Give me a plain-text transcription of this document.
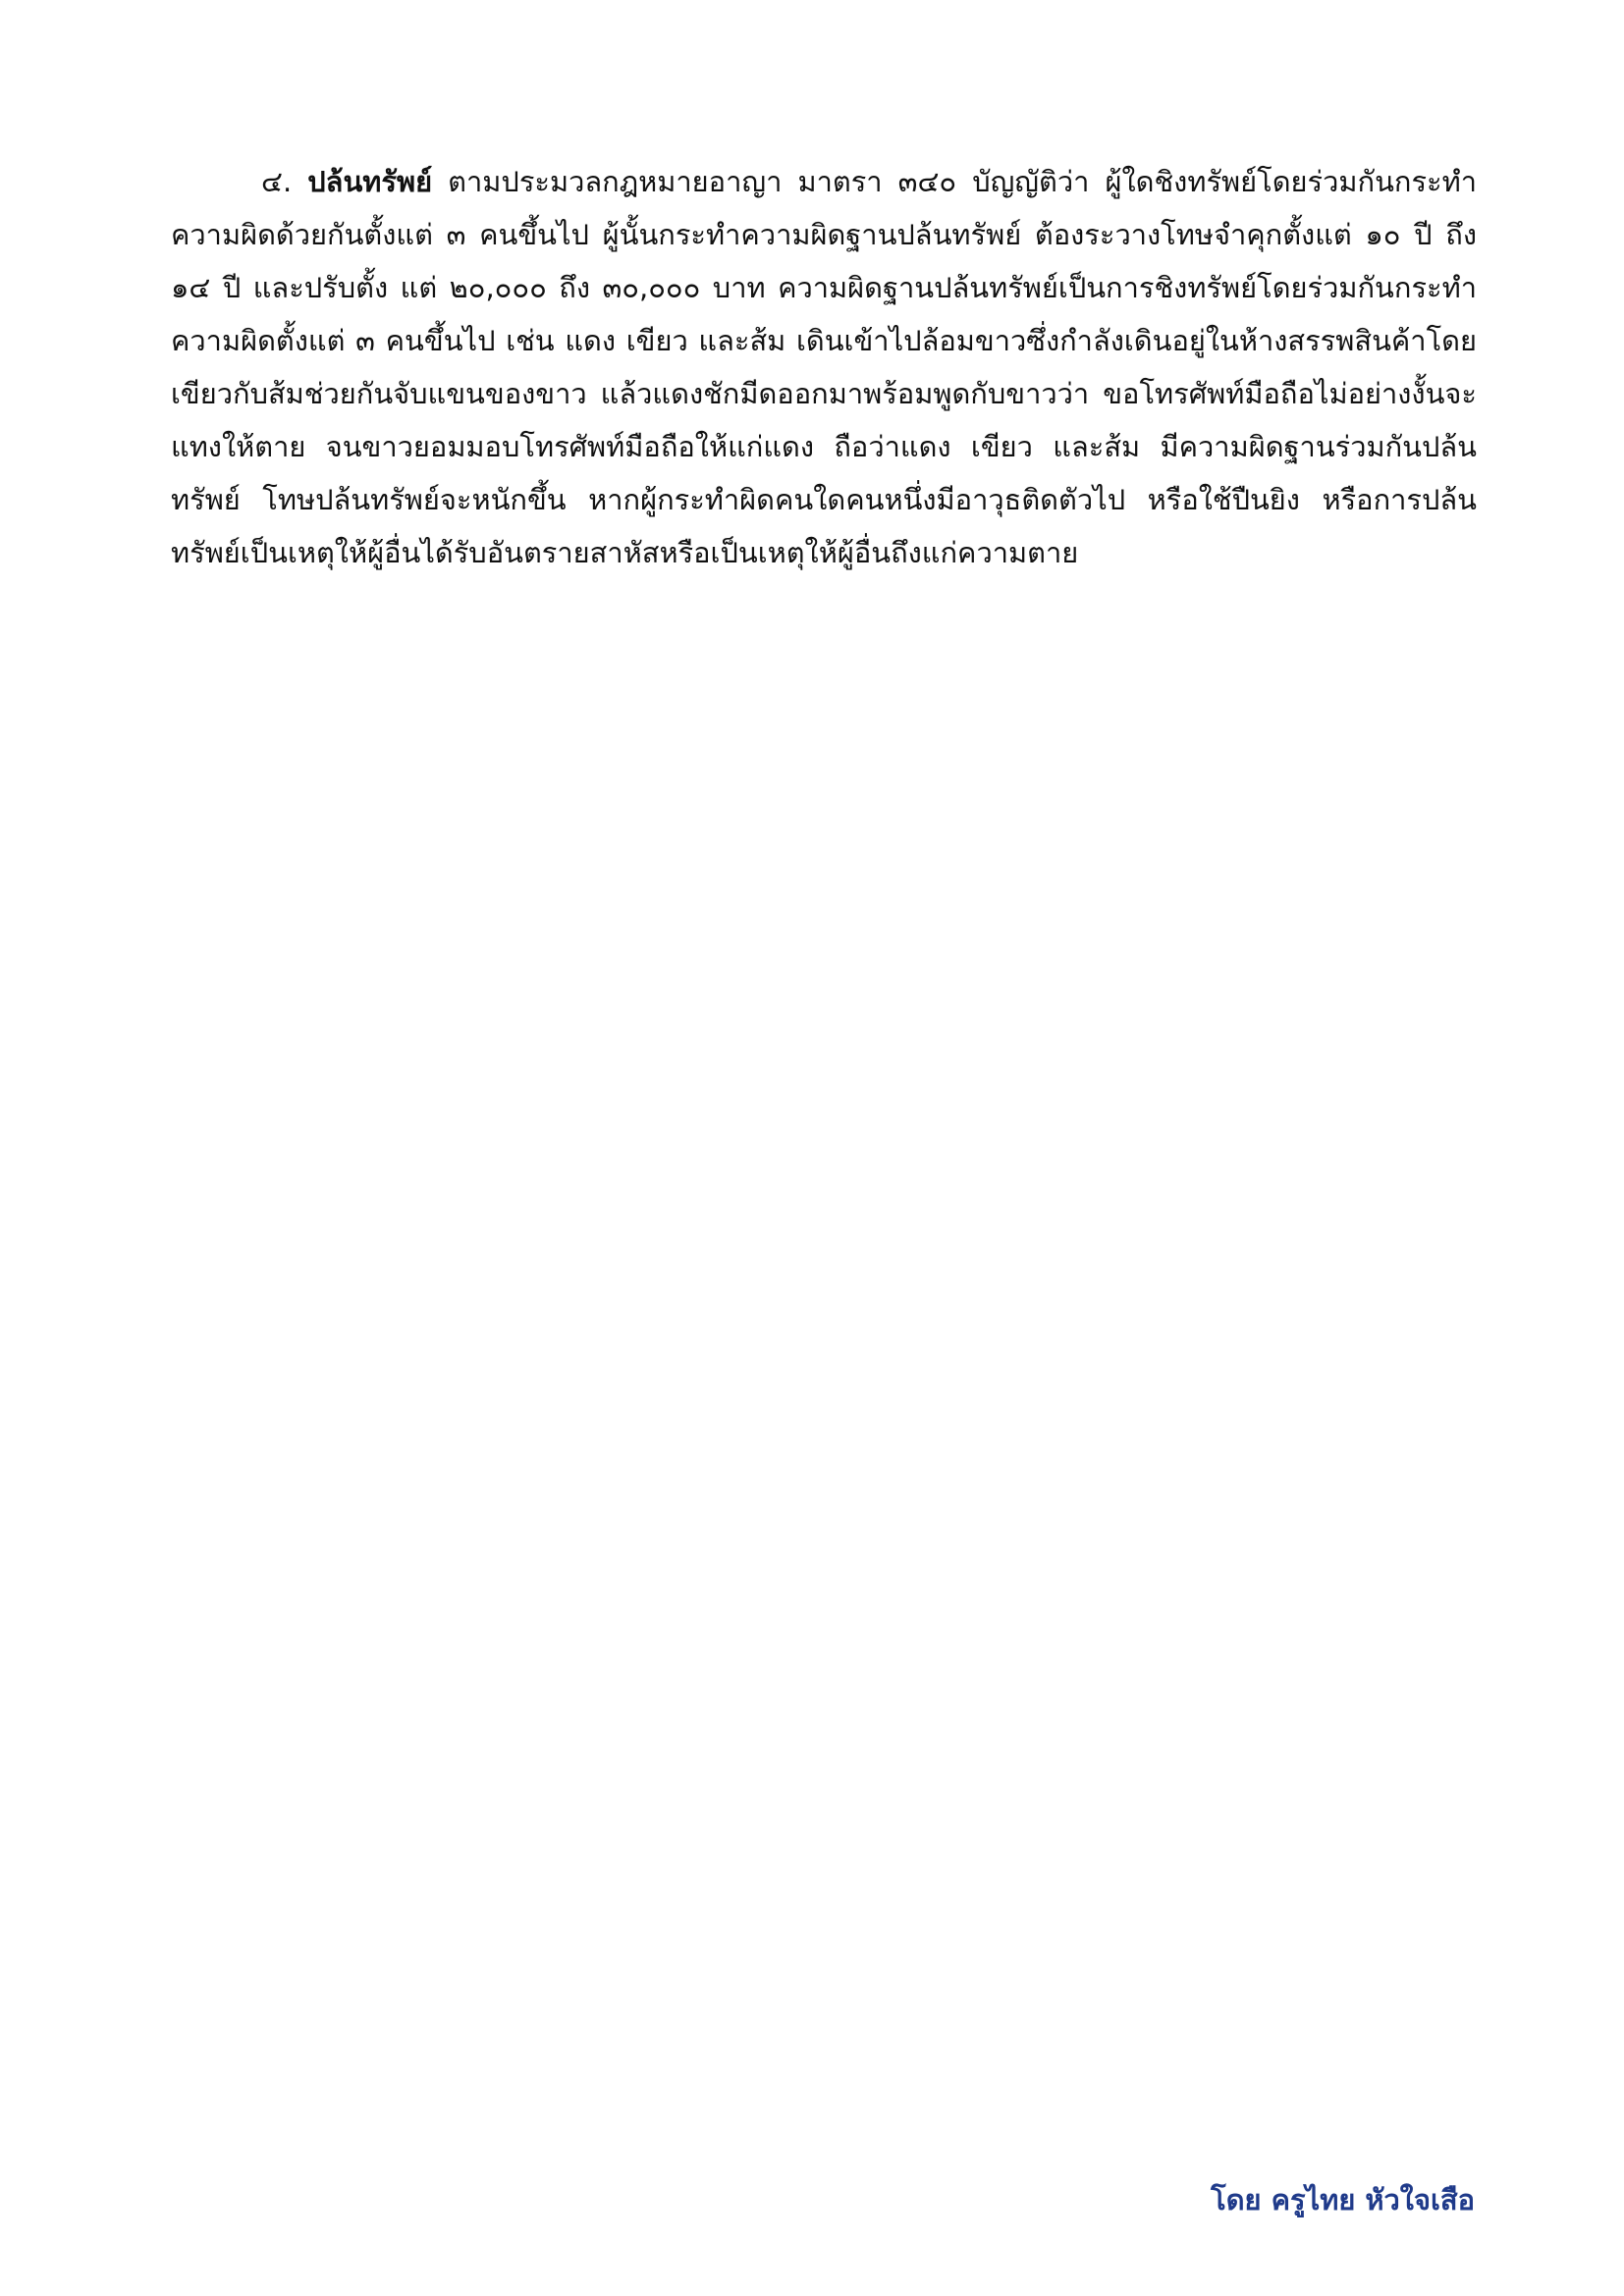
๔. ปล้นทรัพย์ ตามประมวลกฎหมายอาญา มาตรา ๓๔๐ บัญญัติว่า ผู้ใดชิงทรัพย์โดยร่วมกันกระทำความผิดด้วยกันตั้งแต่ ๓ คนขึ้นไป ผู้นั้นกระทำความผิดฐานปล้นทรัพย์ ต้องระวางโทษจำคุกตั้งแต่ ๑๐ ปี ถึง ๑๔ ปี และปรับตั้ง แต่ ๒๐,๐๐๐ ถึง ๓๐,๐๐๐ บาท ความผิดฐานปล้นทรัพย์เป็นการชิงทรัพย์โดยร่วมกันกระทำความผิดตั้งแต่ ๓ คนขึ้นไป เช่น แดง เขียว และส้ม เดินเข้าไปล้อมขาวซึ่งกำลังเดินอยู่ในห้างสรรพสินค้าโดยเขียวกับส้มช่วยกันจับแขนของขาว แล้วแดงชักมีดออกมาพร้อมพูดกับขาวว่า ขอโทรศัพท์มือถือไม่อย่างงั้นจะแทงให้ตาย จนขาวยอมมอบโทรศัพท์มือถือให้แก่แดง ถือว่าแดง เขียว และส้ม มีความผิดฐานร่วมกันปล้นทรัพย์ โทษปล้นทรัพย์จะหนักขึ้น หากผู้กระทำผิดคนใดคนหนึ่งมีอาวุธติดตัวไป หรือใช้ปืนยิง หรือการปล้นทรัพย์เป็นเหตุให้ผู้อื่นได้รับอันตรายสาหัสหรือเป็นเหตุให้ผู้อื่นถึงแก่ความตาย

โดย ครูไทย หัวใจเสือ
